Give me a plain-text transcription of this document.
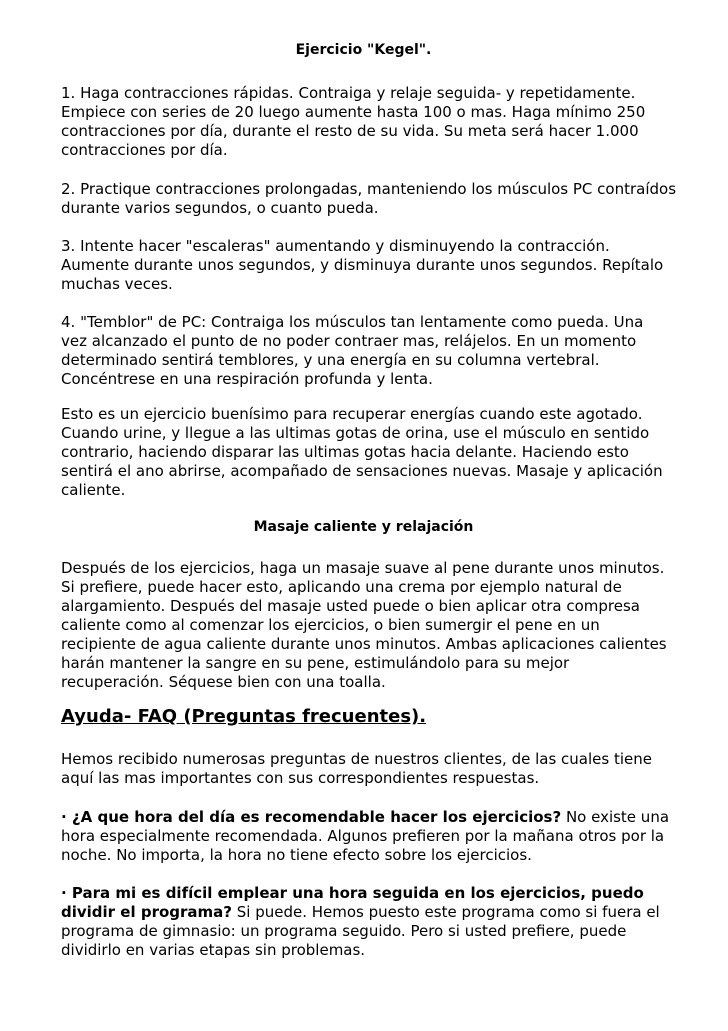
Ejercicio "Kegel".

1. Haga contracciones rápidas. Contraiga y relaje seguida- y repetidamente.
Empiece con series de 20 luego aumente hasta 100 o mas. Haga mínimo 250
contracciones por día, durante el resto de su vida. Su meta será hacer 1.000
contracciones por día.

2. Practique contracciones prolongadas, manteniendo los músculos PC contraídos
durante varios segundos, o cuanto pueda.

3. Intente hacer "escaleras" aumentando y disminuyendo la contracción.
Aumente durante unos segundos, y disminuya durante unos segundos. Repítalo
muchas veces.

4. "Temblor" de PC: Contraiga los músculos tan lentamente como pueda. Una
vez alcanzado el punto de no poder contraer mas, relájelos. En un momento
determinado sentirá temblores, y una energía en su columna vertebral.
Concéntrese en una respiración profunda y lenta.

Esto es un ejercicio buenísimo para recuperar energías cuando este agotado.
Cuando urine, y llegue a las ultimas gotas de orina, use el músculo en sentido
contrario, haciendo disparar las ultimas gotas hacia delante. Haciendo esto
sentirá el ano abrirse, acompañado de sensaciones nuevas. Masaje y aplicación
caliente.

Masaje caliente y relajación

Después de los ejercicios, haga un masaje suave al pene durante unos minutos.
Si prefiere, puede hacer esto, aplicando una crema por ejemplo natural de
alargamiento. Después del masaje usted puede o bien aplicar otra compresa
caliente como al comenzar los ejercicios, o bien sumergir el pene en un
recipiente de agua caliente durante unos minutos. Ambas aplicaciones calientes
harán mantener la sangre en su pene, estimulándolo para su mejor
recuperación. Séquese bien con una toalla.

Ayuda- FAQ (Preguntas frecuentes).

Hemos recibido numerosas preguntas de nuestros clientes, de las cuales tiene
aquí las mas importantes con sus correspondientes respuestas.

· ¿A que hora del día es recomendable hacer los ejercicios? No existe una
hora especialmente recomendada. Algunos prefieren por la mañana otros por la
noche. No importa, la hora no tiene efecto sobre los ejercicios.

· Para mi es difícil emplear una hora seguida en los ejercicios, puedo
dividir el programa? Si puede. Hemos puesto este programa como si fuera el
programa de gimnasio: un programa seguido. Pero si usted prefiere, puede
dividirlo en varias etapas sin problemas.
